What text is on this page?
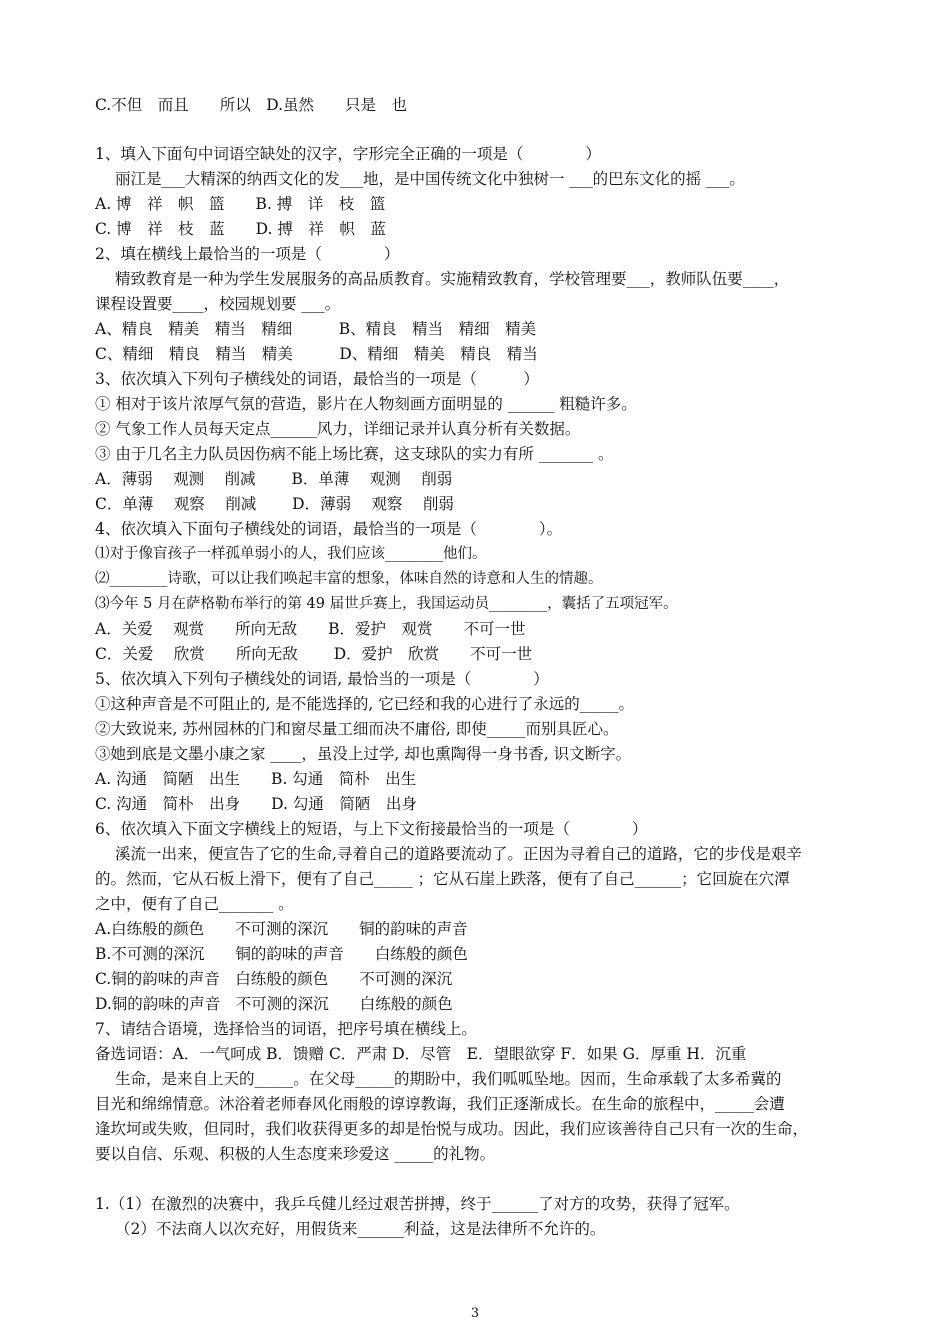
C.不但　而且　　所以　D.虽然　　只是　也
1、填入下面句中词语空缺处的汉字，字形完全正确的一项是（　　　　）
丽江是___大精深的纳西文化的发___地，是中国传统文化中独树一 ___的巴东文化的摇 ___。
A. 博　祥　帜　篮　　B. 搏　详　枝　篮
C. 博　祥　枝　蓝　　D. 搏　祥　帜　蓝
2、填在横线上最恰当的一项是（　　　　）
精致教育是一种为学生发展服务的高品质教育。实施精致教育，学校管理要___，教师队伍要____，
课程设置要____，校园规划要 ___。
A、精良　精美　精当　精细　　　B、精良　精当　精细　精美
C、精细　精良　精当　精美　　　D、精细　精美　精良　精当
3、依次填入下列句子横线处的词语，最恰当的一项是（　　　）
① 相对于该片浓厚气氛的营造，影片在人物刻画方面明显的 ______ 粗糙许多。
② 气象工作人员每天定点______风力，详细记录并认真分析有关数据。
③ 由于几名主力队员因伤病不能上场比赛，这支球队的实力有所 _______ 。
A．薄弱　 观测　 削减　　 B．单薄　 观测　 削弱
C．单薄　 观察　 削减　　 D．薄弱　 观察　 削弱
4、依次填入下面句子横线处的词语，最恰当的一项是（　　　　）。
⑴对于像盲孩子一样孤单弱小的人，我们应该________他们。
⑵________诗歌，可以让我们唤起丰富的想象，体味自然的诗意和人生的情趣。
⑶今年 5 月在萨格勒布举行的第 49 届世乒赛上，我国运动员________，囊括了五项冠军。
A．关爱　 观赏　　所向无敌　　B．爱护　观赏　　不可一世
C．关爱　 欣赏　　所向无敌　　 D．爱护　欣赏　　不可一世
5、依次填入下列句子横线处的词语, 最恰当的一项是（　　　　）
①这种声音是不可阻止的, 是不能选择的, 它已经和我的心进行了永远的_____。
②大致说来, 苏州园林的门和窗尽量工细而决不庸俗, 即使_____而别具匠心。
③她到底是文墨小康之家 ____，虽没上过学, 却也熏陶得一身书香, 识文断字。
A. 沟通　简陋　出生　　B. 勾通　简朴　出生
C. 沟通　简朴　出身　　D. 勾通　简陋　出身
6、依次填入下面文字横线上的短语，与上下文衔接最恰当的一项是（　　　　）
溪流一出来，便宣告了它的生命,寻着自己的道路要流动了。正因为寻着自己的道路，它的步伐是艰辛
的。然而，它从石板上滑下，便有了自己_____ ；它从石崖上跌落，便有了自己______；它回旋在穴潭
之中，便有了自己_______ 。
A.白练般的颜色　　不可测的深沉　　铜的韵味的声音
B.不可测的深沉　　铜的韵味的声音　　白练般的颜色
C.铜的韵味的声音　白练般的颜色　　不可测的深沉
D.铜的韵味的声音　不可测的深沉　　白练般的颜色
7、请结合语境，选择恰当的词语，把序号填在横线上。
备选词语：A．一气呵成 B．馈赠 C．严肃 D．尽管　E．望眼欲穿 F．如果 G．厚重 H．沉重
生命，是来自上天的_____。在父母_____的期盼中，我们呱呱坠地。因而，生命承载了太多希冀的
目光和绵绵情意。沐浴着老师春风化雨般的谆谆教诲，我们正逐渐成长。在生命的旅程中，_____会遭
逢坎坷或失败，但同时，我们收获得更多的却是怡悦与成功。因此，我们应该善待自己只有一次的生命，
要以自信、乐观、积极的人生态度来珍爱这 _____的礼物。
1.（1）在激烈的决赛中，我乒乓健儿经过艰苦拼搏，终于______了对方的攻势，获得了冠军。
（2）不法商人以次充好，用假货来______利益，这是法律所不允许的。
3
